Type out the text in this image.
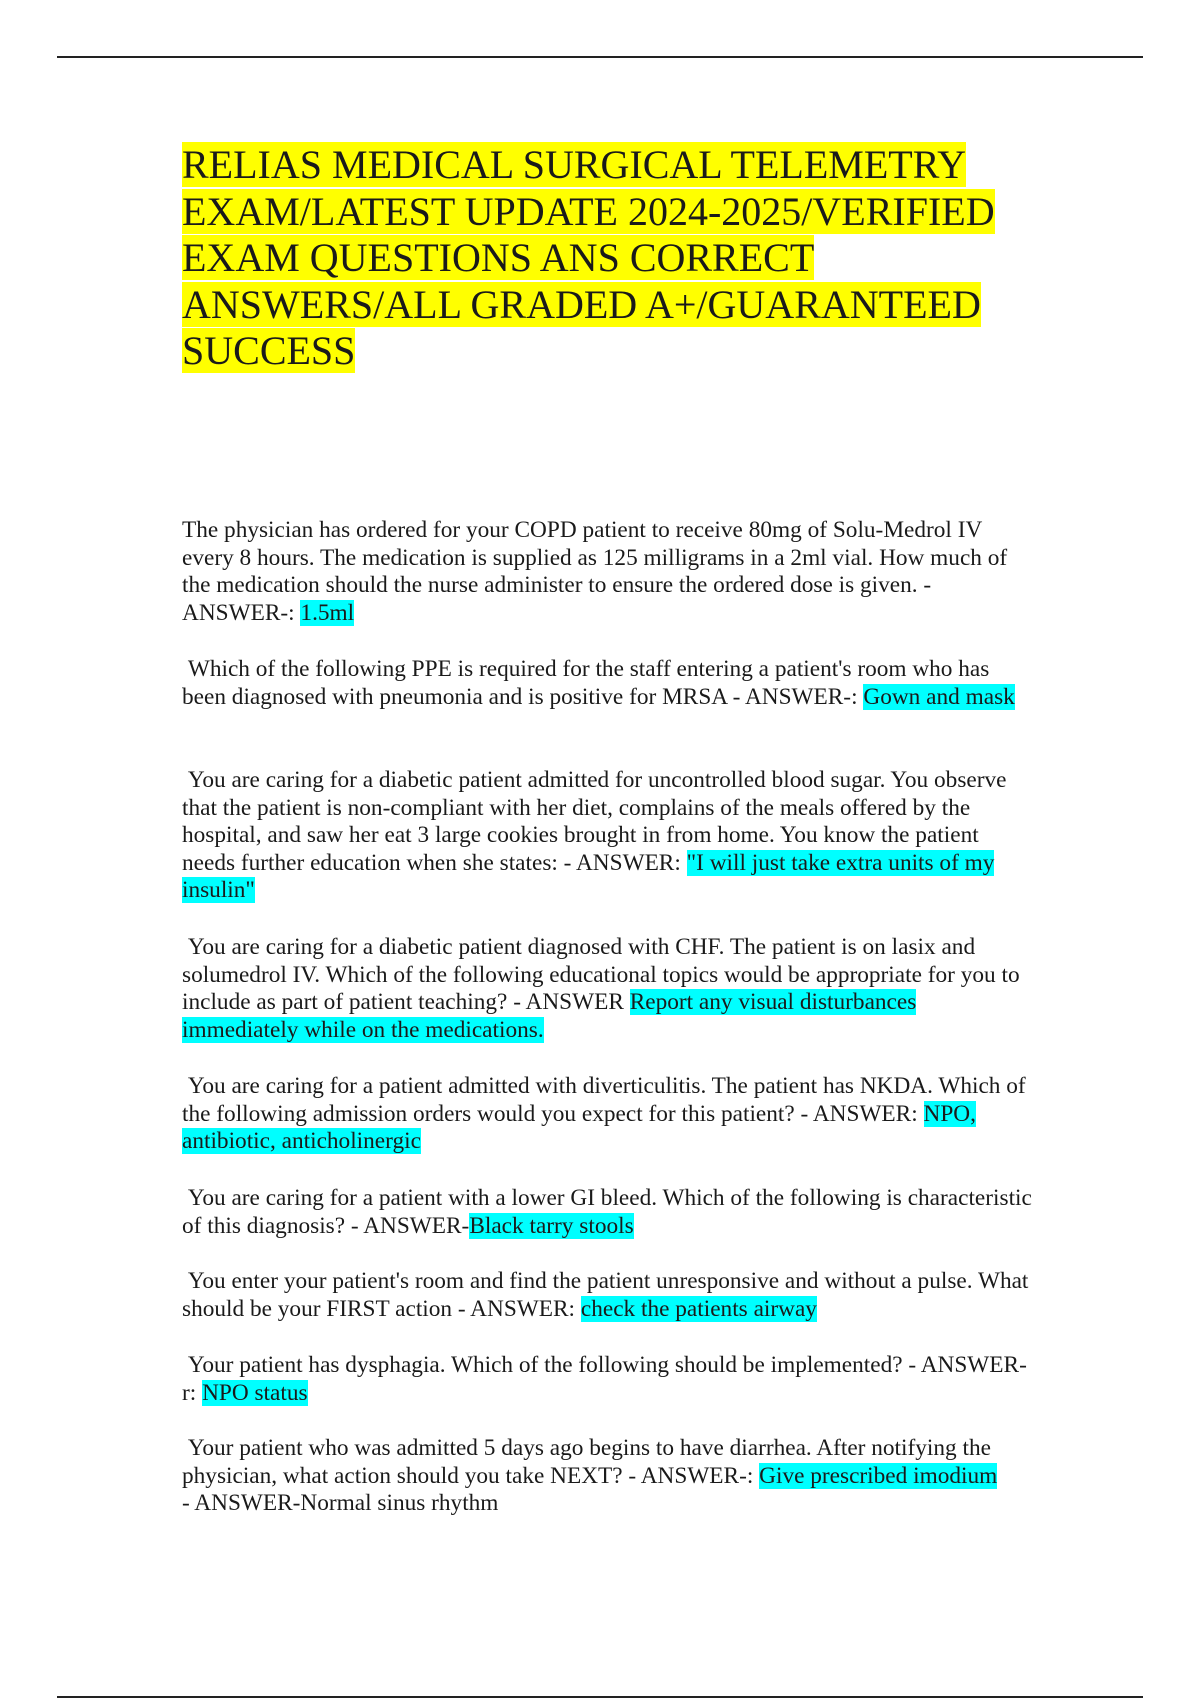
RELIAS MEDICAL SURGICAL TELEMETRY
EXAM/LATEST UPDATE 2024-2025/VERIFIED
EXAM QUESTIONS ANS CORRECT
ANSWERS/ALL GRADED A+/GUARANTEED
SUCCESS

The physician has ordered for your COPD patient to receive 80mg of Solu-Medrol IV every 8 hours. The medication is supplied as 125 milligrams in a 2ml vial. How much of the medication should the nurse administer to ensure the ordered dose is given. - ANSWER-: 1.5ml

Which of the following PPE is required for the staff entering a patient's room who has been diagnosed with pneumonia and is positive for MRSA - ANSWER-: Gown and mask

You are caring for a diabetic patient admitted for uncontrolled blood sugar. You observe that the patient is non-compliant with her diet, complains of the meals offered by the hospital, and saw her eat 3 large cookies brought in from home. You know the patient needs further education when she states: - ANSWER: "I will just take extra units of my insulin"

You are caring for a diabetic patient diagnosed with CHF. The patient is on lasix and solumedrol IV. Which of the following educational topics would be appropriate for you to include as part of patient teaching? - ANSWER Report any visual disturbances immediately while on the medications.

You are caring for a patient admitted with diverticulitis. The patient has NKDA. Which of the following admission orders would you expect for this patient? - ANSWER: NPO, antibiotic, anticholinergic

You are caring for a patient with a lower GI bleed. Which of the following is characteristic of this diagnosis? - ANSWER-Black tarry stools

You enter your patient's room and find the patient unresponsive and without a pulse. What should be your FIRST action - ANSWER: check the patients airway

Your patient has dysphagia. Which of the following should be implemented? - ANSWER-r: NPO status

Your patient who was admitted 5 days ago begins to have diarrhea. After notifying the physician, what action should you take NEXT? - ANSWER-: Give prescribed imodium
- ANSWER-Normal sinus rhythm
